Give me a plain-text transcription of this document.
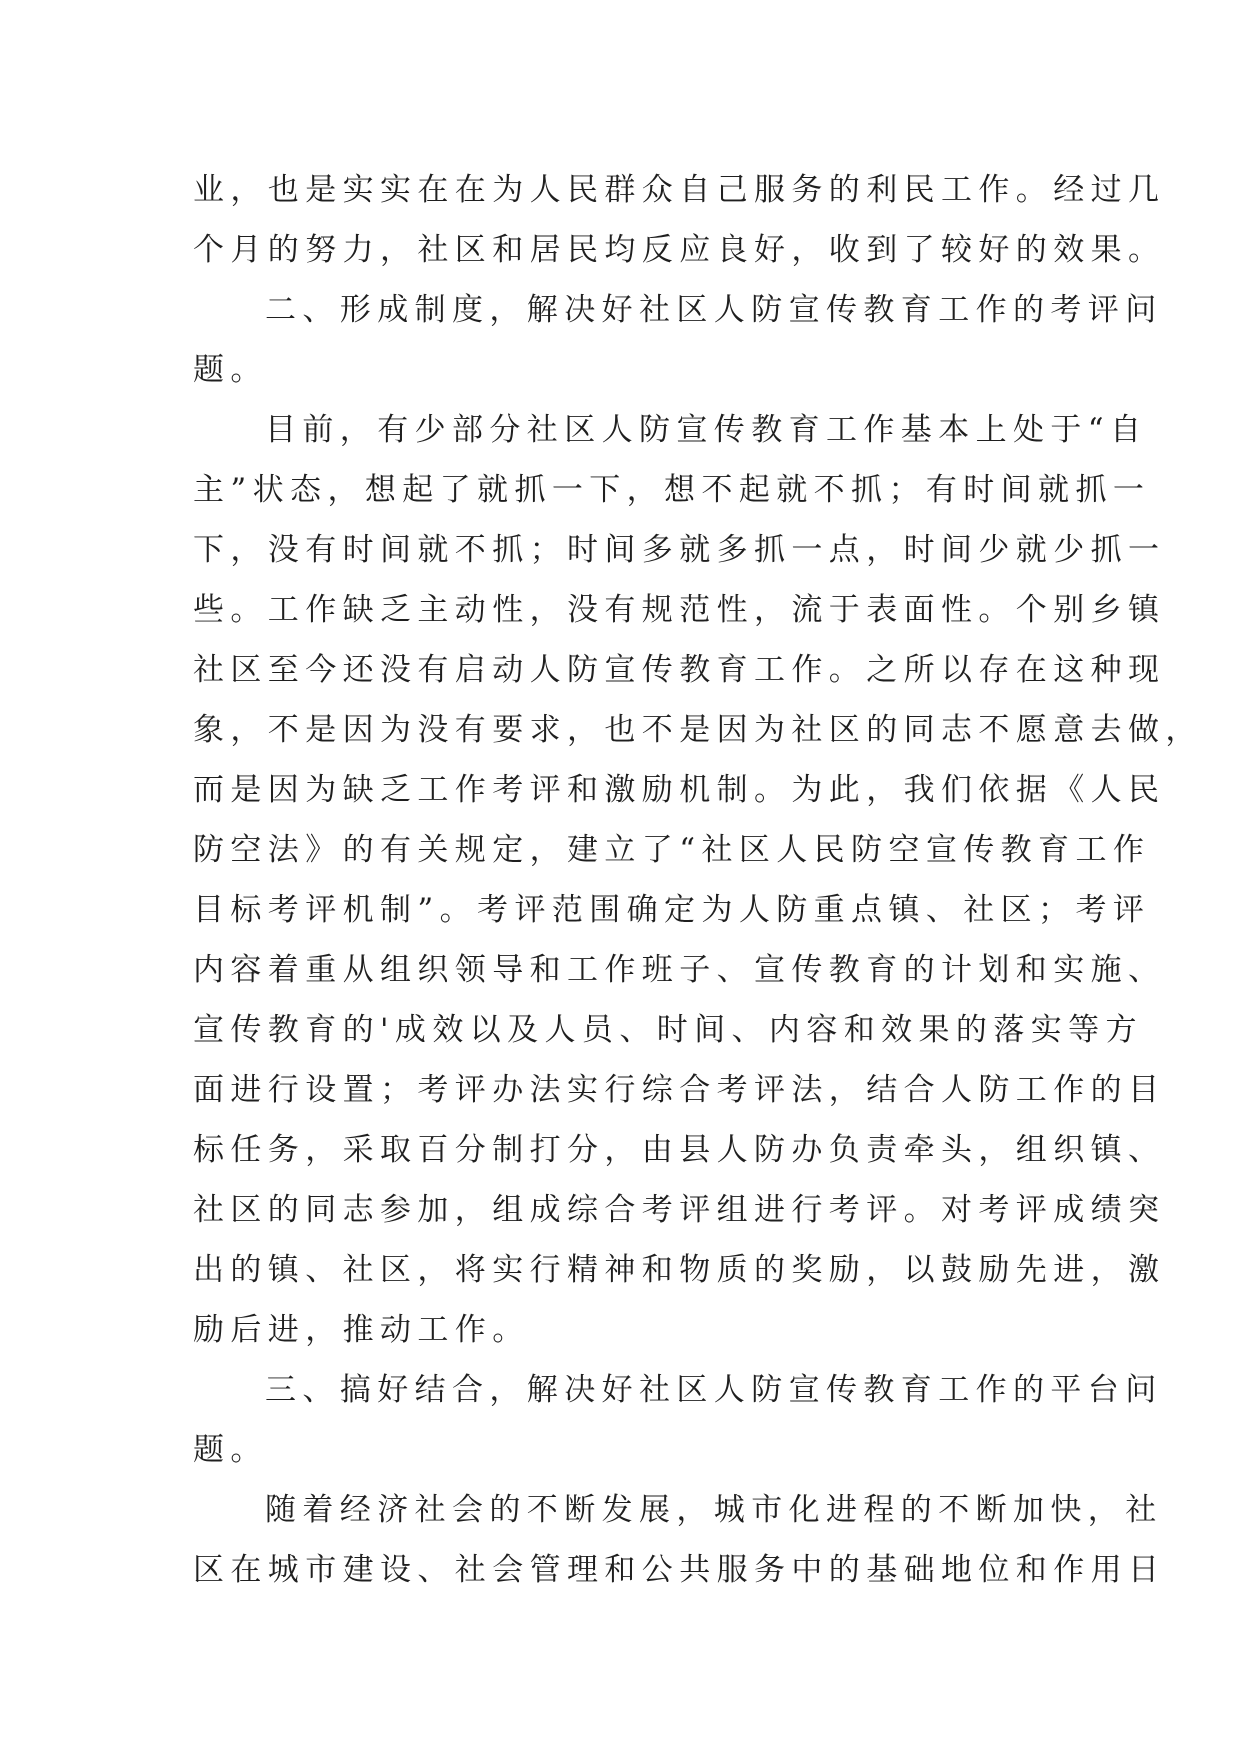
业，也是实实在在为人民群众自己服务的利民工作。经过几
个月的努力，社区和居民均反应良好，收到了较好的效果。
二、形成制度，解决好社区人防宣传教育工作的考评问
题。
目前，有少部分社区人防宣传教育工作基本上处于“自
主”状态，想起了就抓一下，想不起就不抓；有时间就抓一
下，没有时间就不抓；时间多就多抓一点，时间少就少抓一
些。工作缺乏主动性，没有规范性，流于表面性。个别乡镇
社区至今还没有启动人防宣传教育工作。之所以存在这种现
象，不是因为没有要求，也不是因为社区的同志不愿意去做，
而是因为缺乏工作考评和激励机制。为此，我们依据《人民
防空法》的有关规定，建立了“社区人民防空宣传教育工作
目标考评机制”。考评范围确定为人防重点镇、社区；考评
内容着重从组织领导和工作班子、宣传教育的计划和实施、
宣传教育的'成效以及人员、时间、内容和效果的落实等方
面进行设置；考评办法实行综合考评法，结合人防工作的目
标任务，采取百分制打分，由县人防办负责牵头，组织镇、
社区的同志参加，组成综合考评组进行考评。对考评成绩突
出的镇、社区，将实行精神和物质的奖励，以鼓励先进，激
励后进，推动工作。
三、搞好结合，解决好社区人防宣传教育工作的平台问
题。
随着经济社会的不断发展，城市化进程的不断加快，社
区在城市建设、社会管理和公共服务中的基础地位和作用日
